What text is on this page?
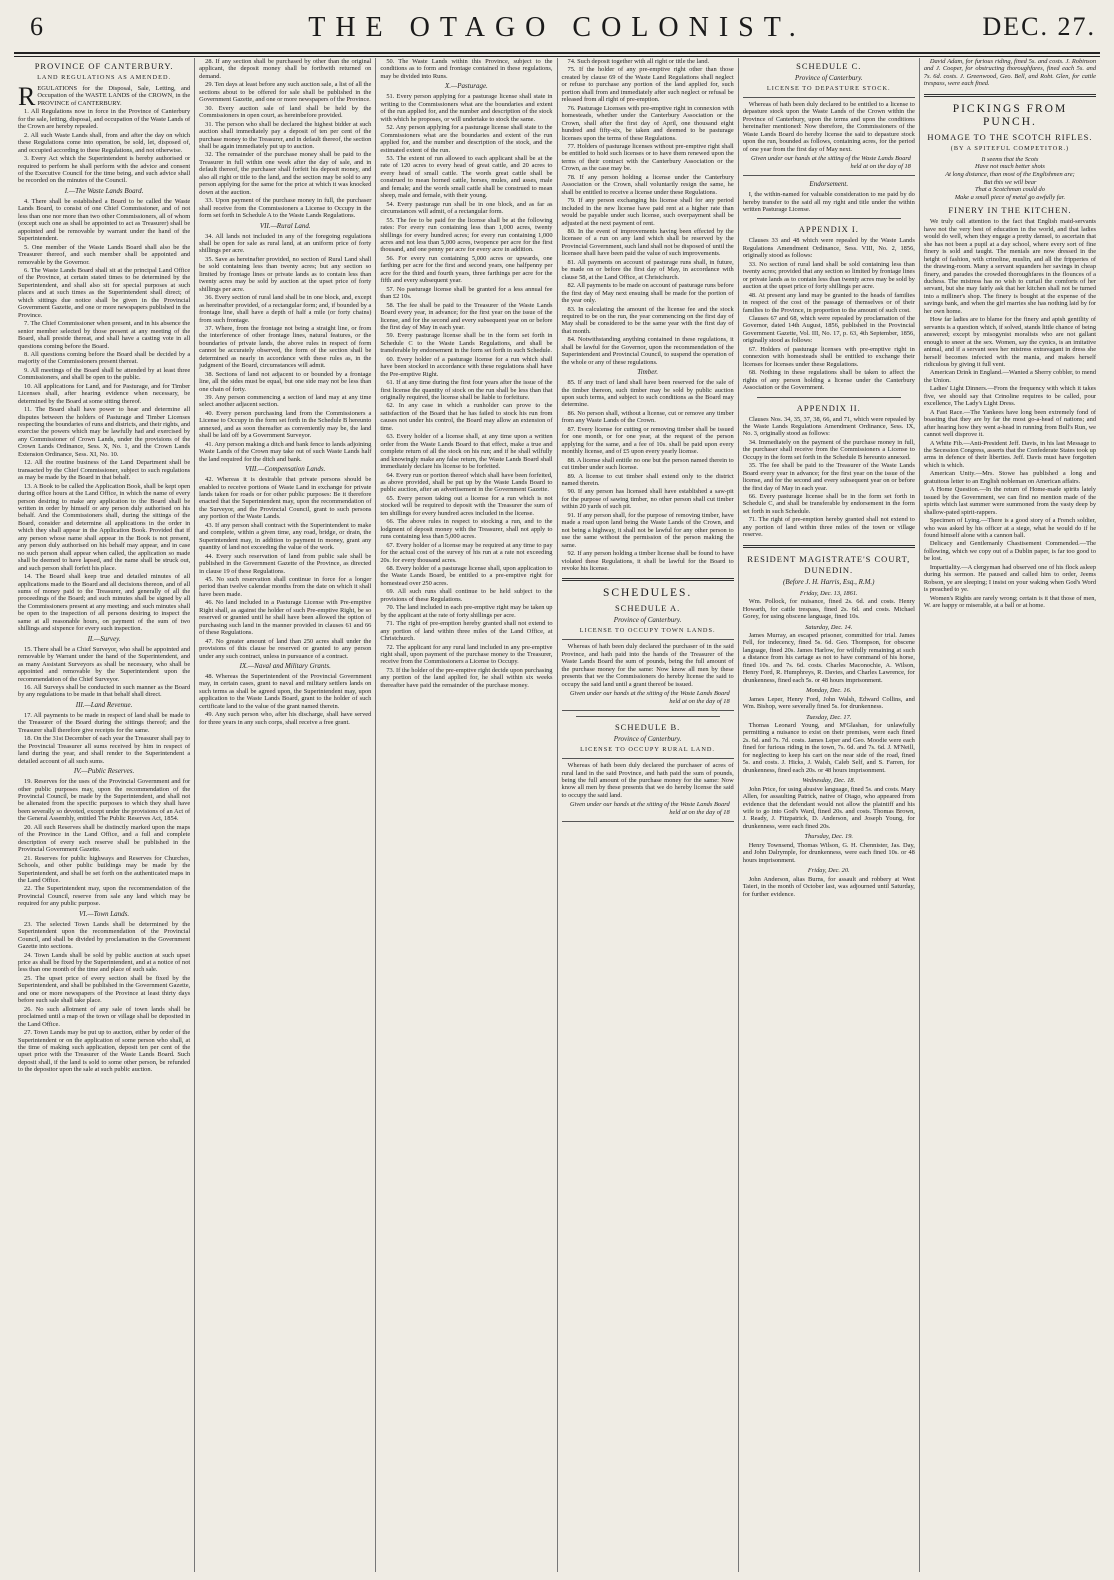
6	THE OTAGO COLONIST.	DEC. 27.
PROVINCE OF CANTERBURY.
LAND REGULATIONS AS AMENDED.

REGULATIONS for the Disposal, Sale, Letting, and Occupation of the WASTE LANDS of the CROWN, in the PROVINCE of CANTERBURY.

1. All Regulations now in force in the Province of Canterbury for the sale, letting, disposal, and occupation of the Waste Lands of the Crown are hereby repealed.

2. All such Waste Lands shall, from and after the day on which these Regulations come into operation, be sold, let, disposed of, and occupied according to these Regulations, and not otherwise.

3. Every Act which the Superintendent is hereby authorised or required to perform he shall perform with the advice and consent of the Executive Council for the time being, and such advice shall be recorded on the minutes of the Council.

I.—The Waste Lands Board.

4. There shall be established a Board to be called the Waste Lands Board, to consist of one Chief Commissioner, and of not less than one nor more than two other Commissioners, all of whom (except such one as shall be appointed to act as Treasurer) shall be appointed and be removable by warrant under the hand of the Superintendent.

5. One member of the Waste Lands Board shall also be the Treasurer thereof, and such member shall be appointed and removable by the Governor.

6. The Waste Lands Board shall sit at the principal Land Office of the Province, at certain stated times to be determined by the Superintendent, and shall also sit for special purposes at such places and at such times as the Superintendent shall direct; of which sittings due notice shall be given in the Provincial Government Gazette, and one or more newspapers published in the Province.

7. The Chief Commissioner when present, and in his absence the senior member selected by those present at any meeting of the Board, shall preside thereat, and shall have a casting vote in all questions coming before the Board.

8. All questions coming before the Board shall be decided by a majority of the Commissioners present thereat.

9. All meetings of the Board shall be attended by at least three Commissioners, and shall be open to the public.

10. All applications for Land, and for Pasturage, and for Timber Licenses shall, after hearing evidence when necessary, be determined by the Board at some sitting thereof.

11. The Board shall have power to hear and determine all disputes between the holders of Pasturage and Timber Licenses respecting the boundaries of runs and districts, and their rights, and exercise the powers which may be lawfully had and exercised by any Commissioner of Crown Lands, under the provisions of the Crown Lands Ordinance, Sess. X, No. 1, and the Crown Lands Extension Ordinance, Sess. XI, No. 10.

12. All the routine business of the Land Department shall be transacted by the Chief Commissioner, subject to such regulations as may be made by the Board in that behalf.

13. A Book to be called the Application Book, shall be kept open during office hours at the Land Office, in which the name of every person desiring to make any application to the Board shall be written in order by himself or any person duly authorised on his behalf. And the Commissioners shall, during the sittings of the Board, consider and determine all applications in the order in which they shall appear in the Application Book. Provided that if any person whose name shall appear in the Book is not present, any person duly authorised on his behalf may appear, and in case no such person shall appear when called, the application so made shall be deemed to have lapsed, and the name shall be struck out, and such person shall forfeit his place.

14. The Board shall keep true and detailed minutes of all applications made to the Board and all decisions thereon, and of all sums of money paid to the Treasurer, and generally of all the proceedings of the Board; and such minutes shall be signed by all the Commissioners present at any meeting; and such minutes shall be open to the inspection of all persons desiring to inspect the same at all reasonable hours, on payment of the sum of two shillings and sixpence for every such inspection.

II.—Survey.

15. There shall be a Chief Surveyor, who shall be appointed and removable by Warrant under the hand of the Superintendent, and as many Assistant Surveyors as shall be necessary, who shall be appointed and removable by the Superintendent upon the recommendation of the Chief Surveyor.

16. All Surveys shall be conducted in such manner as the Board by any regulations to be made in that behalf shall direct.

III.—Land Revenue.

17. All payments to be made in respect of land shall be made to the Treasurer of the Board during the sittings thereof; and the Treasurer shall therefore give receipts for the same.

18. On the 31st December of each year the Treasurer shall pay to the Provincial Treasurer all sums received by him in respect of land during the year, and shall render to the Superintendent a detailed account of all such sums.

IV.—Public Reserves.

19. Reserves for the uses of the Provincial Government and for other public purposes may, upon the recommendation of the Provincial Council, be made by the Superintendent, and shall not be alienated from the specific purposes to which they shall have been severally so devoted, except under the provisions of an Act of the General Assembly, entitled The Public Reserves Act, 1854.

20. All such Reserves shall be distinctly marked upon the maps of the Province in the Land Office, and a full and complete description of every such reserve shall be published in the Provincial Government Gazette.

21. Reserves for public highways and Reserves for Churches, Schools, and other public buildings may be made by the Superintendent, and shall be set forth on the authenticated maps in the Land Office.

22. The Superintendent may, upon the recommendation of the Provincial Council, reserve from sale any land which may be required for any public purpose.

VI.—Town Lands.

23. The selected Town Lands shall be determined by the Superintendent upon the recommendation of the Provincial Council, and shall be divided by proclamation in the Government Gazette into sections.

24. Town Lands shall be sold by public auction at such upset price as shall be fixed by the Superintendent, and at a notice of not less than one month of the time and place of such sale.

25. The upset price of every section shall be fixed by the Superintendent, and shall be published in the Government Gazette, and one or more newspapers of the Province at least thirty days before such sale shall take place.

26. No such allotment of any sale of town lands shall be proclaimed until a map of the town or village shall be deposited in the Land Office.

27. Town Lands may be put up to auction, either by order of the Superintendent or on the application of some person who shall, at the time of making such application, deposit ten per cent of the upset price with the Treasurer of the Waste Lands Board. Such deposit shall, if the land is sold to some other person, be refunded to the depositor upon the sale at such public auction.

28. If any section shall be purchased by other than the original applicant, the deposit money shall be forthwith returned on demand.

29. Ten days at least before any such auction sale, a list of all the sections about to be offered for sale shall be published in the Government Gazette, and one or more newspapers of the Province.

30. Every auction sale of land shall be held by the Commissioners in open court, as hereinbefore provided.

31. The person who shall be declared the highest bidder at such auction shall immediately pay a deposit of ten per cent of the purchase money to the Treasurer, and in default thereof, the section shall be again immediately put up to auction.

32. The remainder of the purchase money shall be paid to the Treasurer in full within one week after the day of sale, and in default thereof, the purchaser shall forfeit his deposit money, and also all right or title to the land, and the section may be sold to any person applying for the same for the price at which it was knocked down at the auction.

33. Upon payment of the purchase money in full, the purchaser shall receive from the Commissioners a License to Occupy in the form set forth in Schedule A to the Waste Lands Regulations.

VII.—Rural Land.

34. All lands not included in any of the foregoing regulations shall be open for sale as rural land, at an uniform price of forty shillings per acre.

35. Save as hereinafter provided, no section of Rural Land shall be sold containing less than twenty acres; but any section so limited by frontage lines or private lands as to contain less than twenty acres may be sold by auction at the upset price of forty shillings per acre.

36. Every section of rural land shall be in one block, and, except as hereinafter provided, of a rectangular form; and, if bounded by a frontage line, shall have a depth of half a mile (or forty chains) from such frontage.

37. Where, from the frontage not being a straight line, or from the interference of other frontage lines, natural features, or the boundaries of private lands, the above rules in respect of form cannot be accurately observed, the form of the section shall be determined as nearly in accordance with these rules as, in the judgment of the Board, circumstances will admit.

38. Sections of land not adjacent to or bounded by a frontage line, all the sides must be equal, but one side may not be less than one chain of forty.

39. Any person commencing a section of land may at any time select another adjacent section.

40. Every person purchasing land from the Commissioners a License to Occupy in the form set forth in the Schedule B hereunto annexed, and as soon thereafter as conveniently may be, the land shall be laid off by a Government Surveyor.

41. Any person making a ditch and bank fence to lands adjoining Waste Lands of the Crown may take out of such Waste Lands half the land required for the ditch and bank.

VIII.—Compensation Lands.

42. Whereas it is desirable that private persons should be enabled to receive portions of Waste Land in exchange for private lands taken for roads or for other public purposes: Be it therefore enacted that the Superintendent may, upon the recommendation of the Surveyor, and the Provincial Council, grant to such persons any portion of the Waste Lands.

43. If any person shall contract with the Superintendent to make and complete, within a given time, any road, bridge, or drain, the Superintendent may, in addition to payment in money, grant any quantity of land not exceeding the value of the work.

44. Every such reservation of land from public sale shall be published in the Government Gazette of the Province, as directed in clause 19 of these Regulations.

45. No such reservation shall continue in force for a longer period than twelve calendar months from the date on which it shall have been made.

46. No land included in a Pasturage License with Pre-emptive Right shall, as against the holder of such Pre-emptive Right, be so reserved or granted until he shall have been allowed the option of purchasing such land in the manner provided in clauses 61 and 66 of these Regulations.

47. No greater amount of land than 250 acres shall under the provisions of this clause be reserved or granted to any person under any such contract, unless in pursuance of a contract.

IX.—Naval and Military Grants.

48. Whereas the Superintendent of the Provincial Government may, in certain cases, grant to naval and military settlers lands on such terms as shall be agreed upon, the Superintendent may, upon application to the Waste Lands Board, grant to the holder of such certificate land to the value of the grant named therein.

49. Any such person who, after his discharge, shall have served for three years in any such corps, shall receive a free grant.

50. The Waste Lands within this Province, subject to the conditions as to form and frontage contained in these regulations, may be divided into Runs.

X.—Pasturage.

51. Every person applying for a pasturage license shall state in writing to the Commissioners what are the boundaries and extent of the run applied for, and the number and description of the stock with which he proposes, or will undertake to stock the same.

52. Any person applying for a pasturage license shall state to the Commissioners what are the boundaries and extent of the run applied for, and the number and description of the stock, and the estimated extent of the run.

53. The extent of run allowed to each applicant shall be at the rate of 120 acres to every head of great cattle, and 20 acres to every head of small cattle. The words great cattle shall be construed to mean horned cattle, horses, mules, and asses, male and female; and the words small cattle shall be construed to mean sheep, male and female, with their young.

54. Every pasturage run shall be in one block, and as far as circumstances will admit, of a rectangular form.

55. The fee to be paid for the license shall be at the following rates: For every run containing less than 1,000 acres, twenty shillings for every hundred acres; for every run containing 1,000 acres and not less than 5,000 acres, twopence per acre for the first thousand, and one penny per acre for every acre in addition.

56. For every run containing 5,000 acres or upwards, one farthing per acre for the first and second years, one halfpenny per acre for the third and fourth years, three farthings per acre for the fifth and every subsequent year.

57. No pasturage license shall be granted for a less annual fee than £2 10s.

58. The fee shall be paid to the Treasurer of the Waste Lands Board every year, in advance; for the first year on the issue of the license, and for the second and every subsequent year on or before the first day of May in each year.

59. Every pasturage license shall be in the form set forth in Schedule C to the Waste Lands Regulations, and shall be transferable by endorsement in the form set forth in such Schedule.

60. Every holder of a pasturage license for a run which shall have been stocked in accordance with these regulations shall have the Pre-emptive Right.

61. If at any time during the first four years after the issue of the first license the quantity of stock on the run shall be less than that originally required, the license shall be liable to forfeiture.

62. In any case in which a runholder can prove to the satisfaction of the Board that he has failed to stock his run from causes not under his control, the Board may allow an extension of time.

63. Every holder of a license shall, at any time upon a written order from the Waste Lands Board to that effect, make a true and complete return of all the stock on his run; and if he shall wilfully and knowingly make any false return, the Waste Lands Board shall immediately declare his license to be forfeited.

64. Every run or portion thereof which shall have been forfeited, as above provided, shall be put up by the Waste Lands Board to public auction, after an advertisement in the Government Gazette.

65. Every person taking out a license for a run which is not stocked will be required to deposit with the Treasurer the sum of ten shillings for every hundred acres included in the license.

66. The above rules in respect to stocking a run, and to the lodgment of deposit money with the Treasurer, shall not apply to runs containing less than 5,000 acres.

67. Every holder of a license may be required at any time to pay for the actual cost of the survey of his run at a rate not exceeding 20s. for every thousand acres.

68. Every holder of a pasturage license shall, upon application to the Waste Lands Board, be entitled to a pre-emptive right for homestead over 250 acres.

69. All such runs shall continue to be held subject to the provisions of these Regulations.

70. The land included in each pre-emptive right may be taken up by the applicant at the rate of forty shillings per acre.

71. The right of pre-emption hereby granted shall not extend to any portion of land within three miles of the Land Office, at Christchurch.

72. The applicant for any rural land included in any pre-emptive right shall, upon payment of the purchase money to the Treasurer, receive from the Commissioners a License to Occupy.

73. If the holder of the pre-emptive right decide upon purchasing any portion of the land applied for, he shall within six weeks thereafter have paid the remainder of the purchase money.

74. Such deposit together with all right or title the land.

75. If the holder of any pre-emptive right other than those created by clause 69 of the Waste Land Regulations shall neglect or refuse to purchase any portion of the land applied for, such portion shall from and immediately after such neglect or refusal be released from all right of pre-emption.

76. Pasturage Licenses with pre-emptive right in connexion with homesteads, whether under the Canterbury Association or the Crown, shall after the first day of April, one thousand eight hundred and fifty-six, be taken and deemed to be pasturage licenses upon the terms of these Regulations.

77. Holders of pasturage licenses without pre-emptive right shall be entitled to hold such licenses or to have them renewed upon the terms of their contract with the Canterbury Association or the Crown, as the case may be.

78. If any person holding a license under the Canterbury Association or the Crown, shall voluntarily resign the same, he shall be entitled to receive a license under these Regulations.

79. If any person exchanging his license shall for any period included in the new license have paid rent at a higher rate than would be payable under such license, such overpayment shall be adjusted at the next payment of rent.

80. In the event of improvements having been effected by the licensee of a run on any land which shall be reserved by the Provincial Government, such land shall not be disposed of until the licensee shall have been paid the value of such improvements.

81. All payments on account of pasturage runs shall, in future, be made on or before the first day of May, in accordance with clause 58, at the Land Office, at Christchurch.

82. All payments to be made on account of pasturage runs before the first day of May next ensuing shall be made for the portion of the year only.

83. In calculating the amount of the license fee and the stock required to be on the run, the year commencing on the first day of May shall be considered to be the same year with the first day of that month.

84. Notwithstanding anything contained in these regulations, it shall be lawful for the Governor, upon the recommendation of the Superintendent and Provincial Council, to suspend the operation of the whole or any of these regulations.

Timber.

85. If any tract of land shall have been reserved for the sale of the timber thereon, such timber may be sold by public auction upon such terms, and subject to such conditions as the Board may determine.

86. No person shall, without a license, cut or remove any timber from any Waste Lands of the Crown.

87. Every license for cutting or removing timber shall be issued for one month, or for one year, at the request of the person applying for the same, and a fee of 10s. shall be paid upon every monthly license, and of £5 upon every yearly license.

88. A license shall entitle no one but the person named therein to cut timber under such license.

89. A license to cut timber shall extend only to the district named therein.

90. If any person has licensed shall have established a saw-pit for the purpose of sawing timber, no other person shall cut timber within 20 yards of such pit.

91. If any person shall, for the purpose of removing timber, have made a road upon land being the Waste Lands of the Crown, and not being a highway, it shall not be lawful for any other person to use the same without the permission of the person making the same.

92. If any person holding a timber license shall be found to have violated these Regulations, it shall be lawful for the Board to revoke his license.

SCHEDULES.
SCHEDULE A.
Province of Canterbury.
LICENSE TO OCCUPY TOWN LANDS.

Whereas of hath been duly declared the purchaser of in the said Province, and hath paid into the hands of the Treasurer of the Waste Lands Board the sum of pounds, being the full amount of the purchase money for the same: Now know all men by these presents that we the Commissioners do hereby license the said to occupy the said land until a grant thereof be issued.

Given under our hands at the sitting of the Waste Lands Board held at on the day of 18
SCHEDULE B.
Province of Canterbury.
LICENSE TO OCCUPY RURAL LAND.

Whereas of hath been duly declared the purchaser of acres of rural land in the said Province, and hath paid the sum of pounds, being the full amount of the purchase money for the same: Now know all men by these presents that we do hereby license the said to occupy the said land.

Given under our hands at the sitting of the Waste Lands Board held at on the day of 18
SCHEDULE C.
Province of Canterbury.
LICENSE TO DEPASTURE STOCK.

Whereas of hath been duly declared to be entitled to a license to depasture stock upon the Waste Lands of the Crown within the Province of Canterbury, upon the terms and upon the conditions hereinafter mentioned: Now therefore, the Commissioners of the Waste Lands Board do hereby license the said to depasture stock upon the run, bounded as follows, containing acres, for the period of one year from the first day of May next.

Given under our hands at the sitting of the Waste Lands Board held at on the day of 18
Endorsement.

I, the within-named for valuable consideration to me paid by do hereby transfer to the said all my right and title under the within written Pasturage License.

APPENDIX I.

Clauses 33 and 48 which were repealed by the Waste Lands Regulations Amendment Ordinance, Sess. VIII, No. 2, 1856, originally stood as follows:

33. No section of rural land shall be sold containing less than twenty acres; provided that any section so limited by frontage lines or private lands as to contain less than twenty acres may be sold by auction at the upset price of forty shillings per acre.

48. At present any land may be granted to the heads of families in respect of the cost of the passage of themselves or of their families to the Province, in proportion to the amount of such cost.

Clauses 67 and 68, which were repealed by proclamation of the Governor, dated 14th August, 1856, published in the Provincial Government Gazette, Vol. III, No. 17, p. 63, 4th September, 1856, originally stood as follows:

67. Holders of pasturage licenses with pre-emptive right in connexion with homesteads shall be entitled to exchange their licenses for licenses under these Regulations.

68. Nothing in these regulations shall be taken to affect the rights of any person holding a license under the Canterbury Association or the Government.

APPENDIX II.

Clauses Nos. 34, 35, 37, 38, 66, and 71, which were repealed by the Waste Lands Regulations Amendment Ordinance, Sess. IX, No. 3, originally stood as follows:

34. Immediately on the payment of the purchase money in full, the purchaser shall receive from the Commissioners a License to Occupy in the form set forth in the Schedule B hereunto annexed.

35. The fee shall be paid to the Treasurer of the Waste Lands Board every year in advance; for the first year on the issue of the license, and for the second and every subsequent year on or before the first day of May in each year.

66. Every pasturage license shall be in the form set forth in Schedule C, and shall be transferable by endorsement in the form set forth in such Schedule.

71. The right of pre-emption hereby granted shall not extend to any portion of land within three miles of the town or village reserve.

RESIDENT MAGISTRATE'S COURT, DUNEDIN.
(Before J. H. Harris, Esq., R.M.)
Friday, Dec. 13, 1861.

Wm. Pollock, for nuisance, fined 2s. 6d. and costs. Henry Howarth, for cattle trespass, fined 2s. 6d. and costs. Michael Gorey, for using obscene language, fined 10s.

Saturday, Dec. 14.

James Murray, an escaped prisoner, committed for trial. James Fell, for indecency, fined 5s. 6d. Geo. Thompson, for obscene language, fined 20s. James Harlow, for wilfully remaining at such a distance from his cartage as not to have command of his horse, fined 10s. and 7s. 6d. costs. Charles Maconochie, A. Wilson, Henry Ford, R. Humphreys, R. Davies, and Charles Lawrence, for drunkenness, fined each 5s. or 48 hours imprisonment.

Monday, Dec. 16.

James Leper, Henry Ford, John Walsh, Edward Collins, and Wm. Bishop, were severally fined 5s. for drunkenness.

Tuesday, Dec. 17.

Thomas Leonard Young, and M'Glashan, for unlawfully permitting a nuisance to exist on their premises, were each fined 2s. 6d. and 7s. 7d. costs. James Leper and Geo. Moodie were each fined for furious riding in the town, 7s. 6d. and 7s. 6d. J. M'Neill, for neglecting to keep his cart on the near side of the road, fined 5s. and costs. J. Hicks, J. Walsh, Caleb Self, and S. Farren, for drunkenness, fined each 20s. or 48 hours imprisonment.

Wednesday, Dec. 18.

John Price, for using abusive language, fined 5s. and costs. Mary Allen, for assaulting Patrick, native of Otago, who appeared from evidence that the defendant would not allow the plaintiff and his wife to go into God's Ward, fined 20s. and costs. Thomas Brown, J. Ready, J. Fitzpatrick, D. Anderson, and Joseph Young, for drunkenness, were each fined 20s.

Thursday, Dec. 19.

Henry Townsend, Thomas Wilson, G. H. Chennister, Jas. Day, and John Dalrymple, for drunkenness, were each fined 10s. or 48 hours imprisonment.

Friday, Dec. 20.

John Anderson, alias Burns, for assault and robbery at West Taieri, in the month of October last, was adjourned until Saturday, for further evidence.

David Adam, for furious riding, fined 5s. and costs. J. Robinson and J. Cooper, for obstructing thoroughfares, fined each 5s. and 7s. 6d. costs. J. Greenwood, Geo. Bell, and Robt. Glen, for cattle trespass, were each fined.

PICKINGS FROM PUNCH.
HOMAGE TO THE SCOTCH RIFLES.
(BY A SPITEFUL COMPETITOR.)
It seems that the Scots
Have not much better shots
At long distance, than most of the Englishmen are;
But this we will bear
That a Scotchman could do
Make a small piece of metal go awfully far.
FINERY IN THE KITCHEN.

We truly call attention to the fact that English maid-servants have not the very best of education in the world, and that ladies would do well, when they engage a pretty damsel, to ascertain that she has not been a pupil at a day school, where every sort of fine finery is sold and taught. The menials are now dressed in the height of fashion, with crinoline, muslin, and all the fripperies of the drawing-room. Many a servant squanders her savings in cheap finery, and parades the crowded thoroughfares in the flounces of a duchess. The mistress has no wish to curtail the comforts of her servant, but she may fairly ask that her kitchen shall not be turned into a milliner's shop. The finery is bought at the expense of the savings bank, and when the girl marries she has nothing laid by for her own home.

How far ladies are to blame for the finery and apish gentility of servants is a question which, if solved, stands little chance of being answered; except by misogynist moralists who are not gallant enough to sneer at the sex. Women, say the cynics, is an imitative animal, and if a servant sees her mistress extravagant in dress she herself becomes infected with the mania, and makes herself ridiculous by giving it full vent.

American Drink in England.—Wanted a Sherry cobbler, to mend the Union.

Ladies' Light Dinners.—From the frequency with which it takes five, we should say that Crinoline requires to be called, pour excellence, The Lady's Light Dress.

A Fast Race.—The Yankees have long been extremely fond of boasting that they are by far the most go-a-head of nations; and after hearing how they went a-head in running from Bull's Run, we cannot well disprove it.

A White Fib.—Anti-President Jeff. Davis, in his last Message to the Secession Congress, asserts that the Confederate States took up arms in defence of their liberties. Jeff. Davis must have forgotten which is which.

American Unity.—Mrs. Stowe has published a long and gratuitous letter to an English nobleman on American affairs.

A Home Question.—In the return of Home-made spirits lately issued by the Government, we can find no mention made of the spirits which last summer were summoned from the vasty deep by shallow-pated spirit-rappers.

Specimen of Lying.—There is a good story of a French soldier, who was asked by his officer at a siege, what he would do if he found himself alone with a cannon ball.

Delicacy and Gentlemanly Chastisement Commended.—The following, which we copy out of a Dublin paper, is far too good to be lost.

Impartiality.—A clergyman had observed one of his flock asleep during his sermon. He paused and called him to order, Jeems Robson, ye are sleeping; I insist on your waking when God's Word is preached to ye.

Women's Rights are rarely wrong; certain is it that those of men, W. are happy or miserable, at a ball or at home.
